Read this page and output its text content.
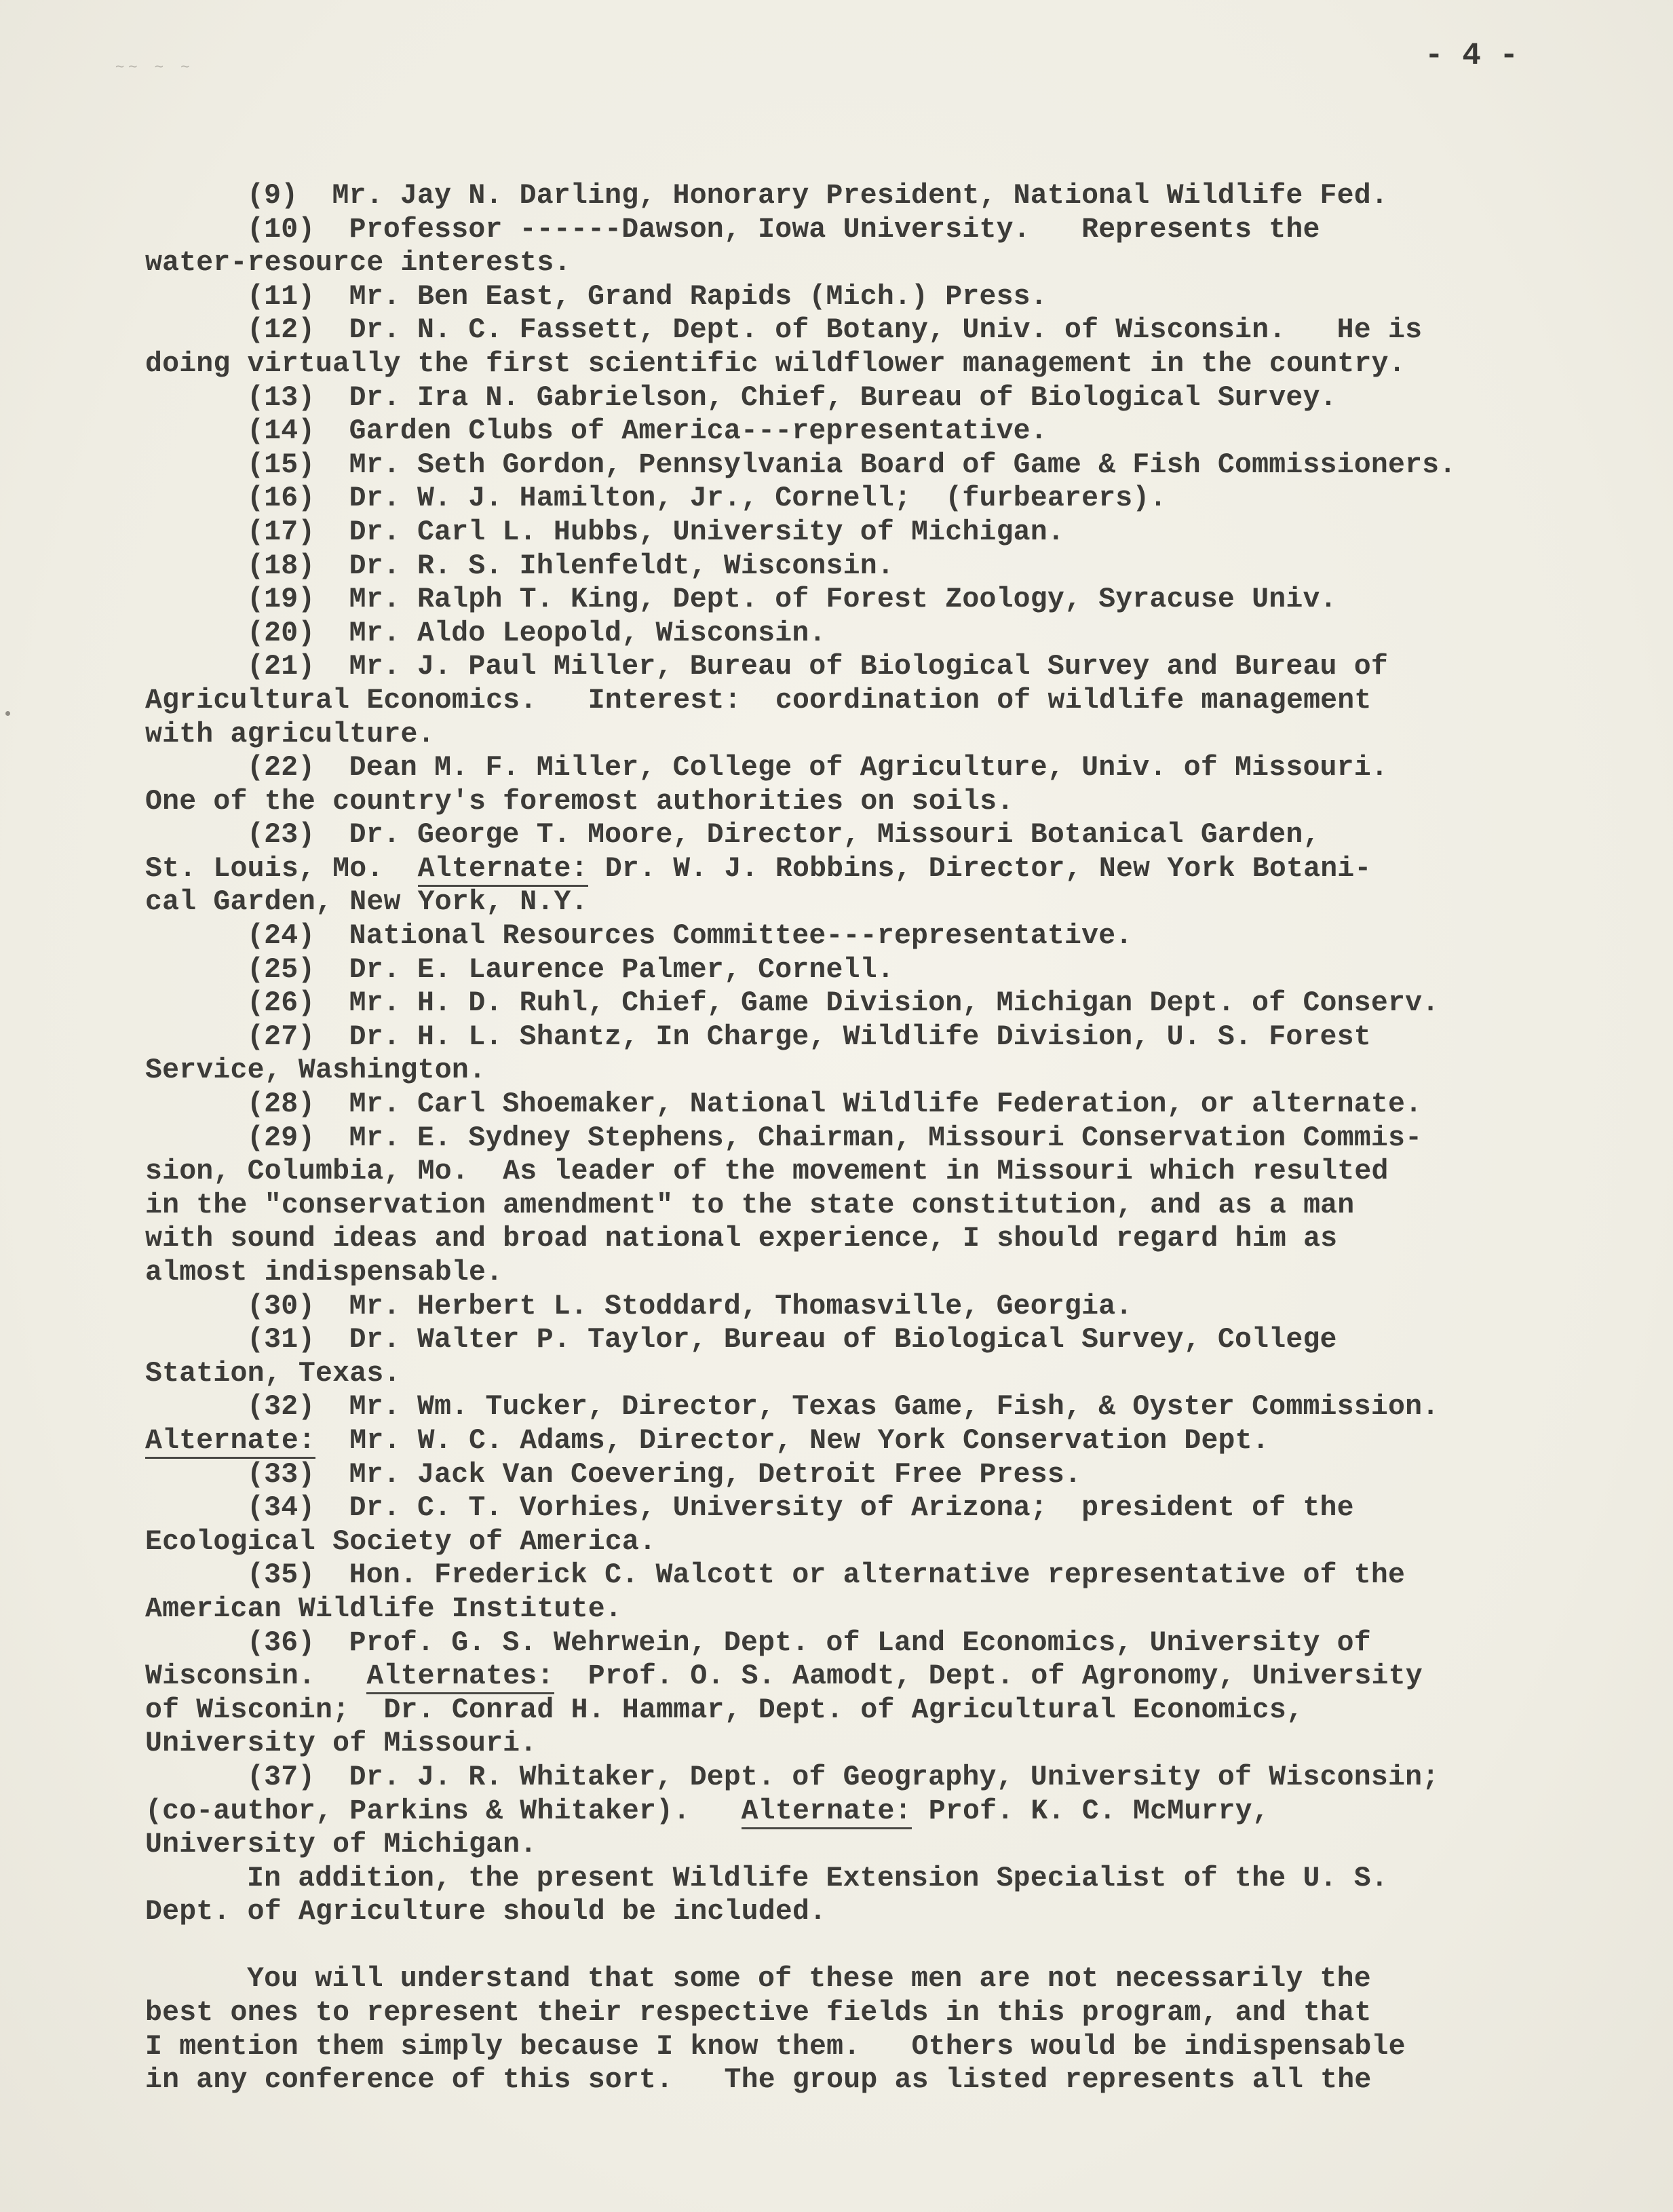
~~ ~ ~	- 4 -
(9)  Mr. Jay N. Darling, Honorary President, National Wildlife Fed.
(10)  Professor ------Dawson, Iowa University.   Represents the
water-resource interests.
(11)  Mr. Ben East, Grand Rapids (Mich.) Press.
(12)  Dr. N. C. Fassett, Dept. of Botany, Univ. of Wisconsin.   He is
doing virtually the first scientific wildflower management in the country.
(13)  Dr. Ira N. Gabrielson, Chief, Bureau of Biological Survey.
(14)  Garden Clubs of America---representative.
(15)  Mr. Seth Gordon, Pennsylvania Board of Game & Fish Commissioners.
(16)  Dr. W. J. Hamilton, Jr., Cornell;  (furbearers).
(17)  Dr. Carl L. Hubbs, University of Michigan.
(18)  Dr. R. S. Ihlenfeldt, Wisconsin.
(19)  Mr. Ralph T. King, Dept. of Forest Zoology, Syracuse Univ.
(20)  Mr. Aldo Leopold, Wisconsin.
(21)  Mr. J. Paul Miller, Bureau of Biological Survey and Bureau of
Agricultural Economics.   Interest:  coordination of wildlife management
with agriculture.
(22)  Dean M. F. Miller, College of Agriculture, Univ. of Missouri.
One of the country's foremost authorities on soils.
(23)  Dr. George T. Moore, Director, Missouri Botanical Garden,
St. Louis, Mo.  Alternate: Dr. W. J. Robbins, Director, New York Botani-
cal Garden, New York, N.Y.
(24)  National Resources Committee---representative.
(25)  Dr. E. Laurence Palmer, Cornell.
(26)  Mr. H. D. Ruhl, Chief, Game Division, Michigan Dept. of Conserv.
(27)  Dr. H. L. Shantz, In Charge, Wildlife Division, U. S. Forest
Service, Washington.
(28)  Mr. Carl Shoemaker, National Wildlife Federation, or alternate.
(29)  Mr. E. Sydney Stephens, Chairman, Missouri Conservation Commis-
sion, Columbia, Mo.  As leader of the movement in Missouri which resulted
in the "conservation amendment" to the state constitution, and as a man
with sound ideas and broad national experience, I should regard him as
almost indispensable.
(30)  Mr. Herbert L. Stoddard, Thomasville, Georgia.
(31)  Dr. Walter P. Taylor, Bureau of Biological Survey, College
Station, Texas.
(32)  Mr. Wm. Tucker, Director, Texas Game, Fish, & Oyster Commission.
Alternate:  Mr. W. C. Adams, Director, New York Conservation Dept.
(33)  Mr. Jack Van Coevering, Detroit Free Press.
(34)  Dr. C. T. Vorhies, University of Arizona;  president of the
Ecological Society of America.
(35)  Hon. Frederick C. Walcott or alternative representative of the
American Wildlife Institute.
(36)  Prof. G. S. Wehrwein, Dept. of Land Economics, University of
Wisconsin.   Alternates:  Prof. O. S. Aamodt, Dept. of Agronomy, University
of Wisconin;  Dr. Conrad H. Hammar, Dept. of Agricultural Economics,
University of Missouri.
(37)  Dr. J. R. Whitaker, Dept. of Geography, University of Wisconsin;
(co-author, Parkins & Whitaker).   Alternate: Prof. K. C. McMurry,
University of Michigan.
In addition, the present Wildlife Extension Specialist of the U. S.
Dept. of Agriculture should be included.
You will understand that some of these men are not necessarily the
best ones to represent their respective fields in this program, and that
I mention them simply because I know them.   Others would be indispensable
in any conference of this sort.   The group as listed represents all the
